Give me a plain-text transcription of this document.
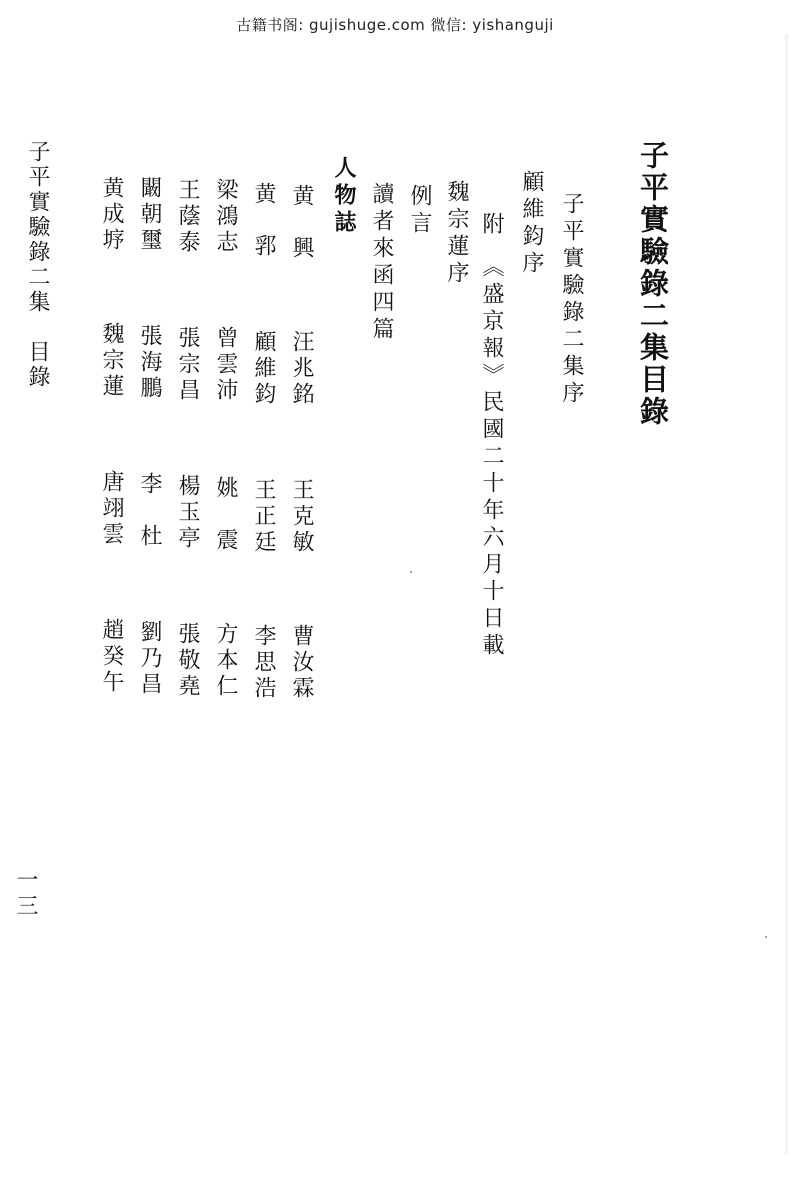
古籍书阁: gujishuge.com 微信: yishanguji
子平實驗錄二集目錄
子平實驗錄二集序
顧維鈞序
附　《盛京報》民國二十年六月十日載
魏宗蓮序
例言
讀者來函四篇
人物誌
黄　興
汪兆銘
王克敏
曹汝霖
黄　郛
顧維鈞
王正廷
李思浩
梁鴻志
曾雲沛
姚　震
方本仁
王蔭泰
張宗昌
楊玉亭
張敬堯
闞朝璽
張海鵬
李　杜
劉乃昌
黄成垿
魏宗蓮
唐翊雲
趙癸午
子平實驗錄二集　目錄
一三
